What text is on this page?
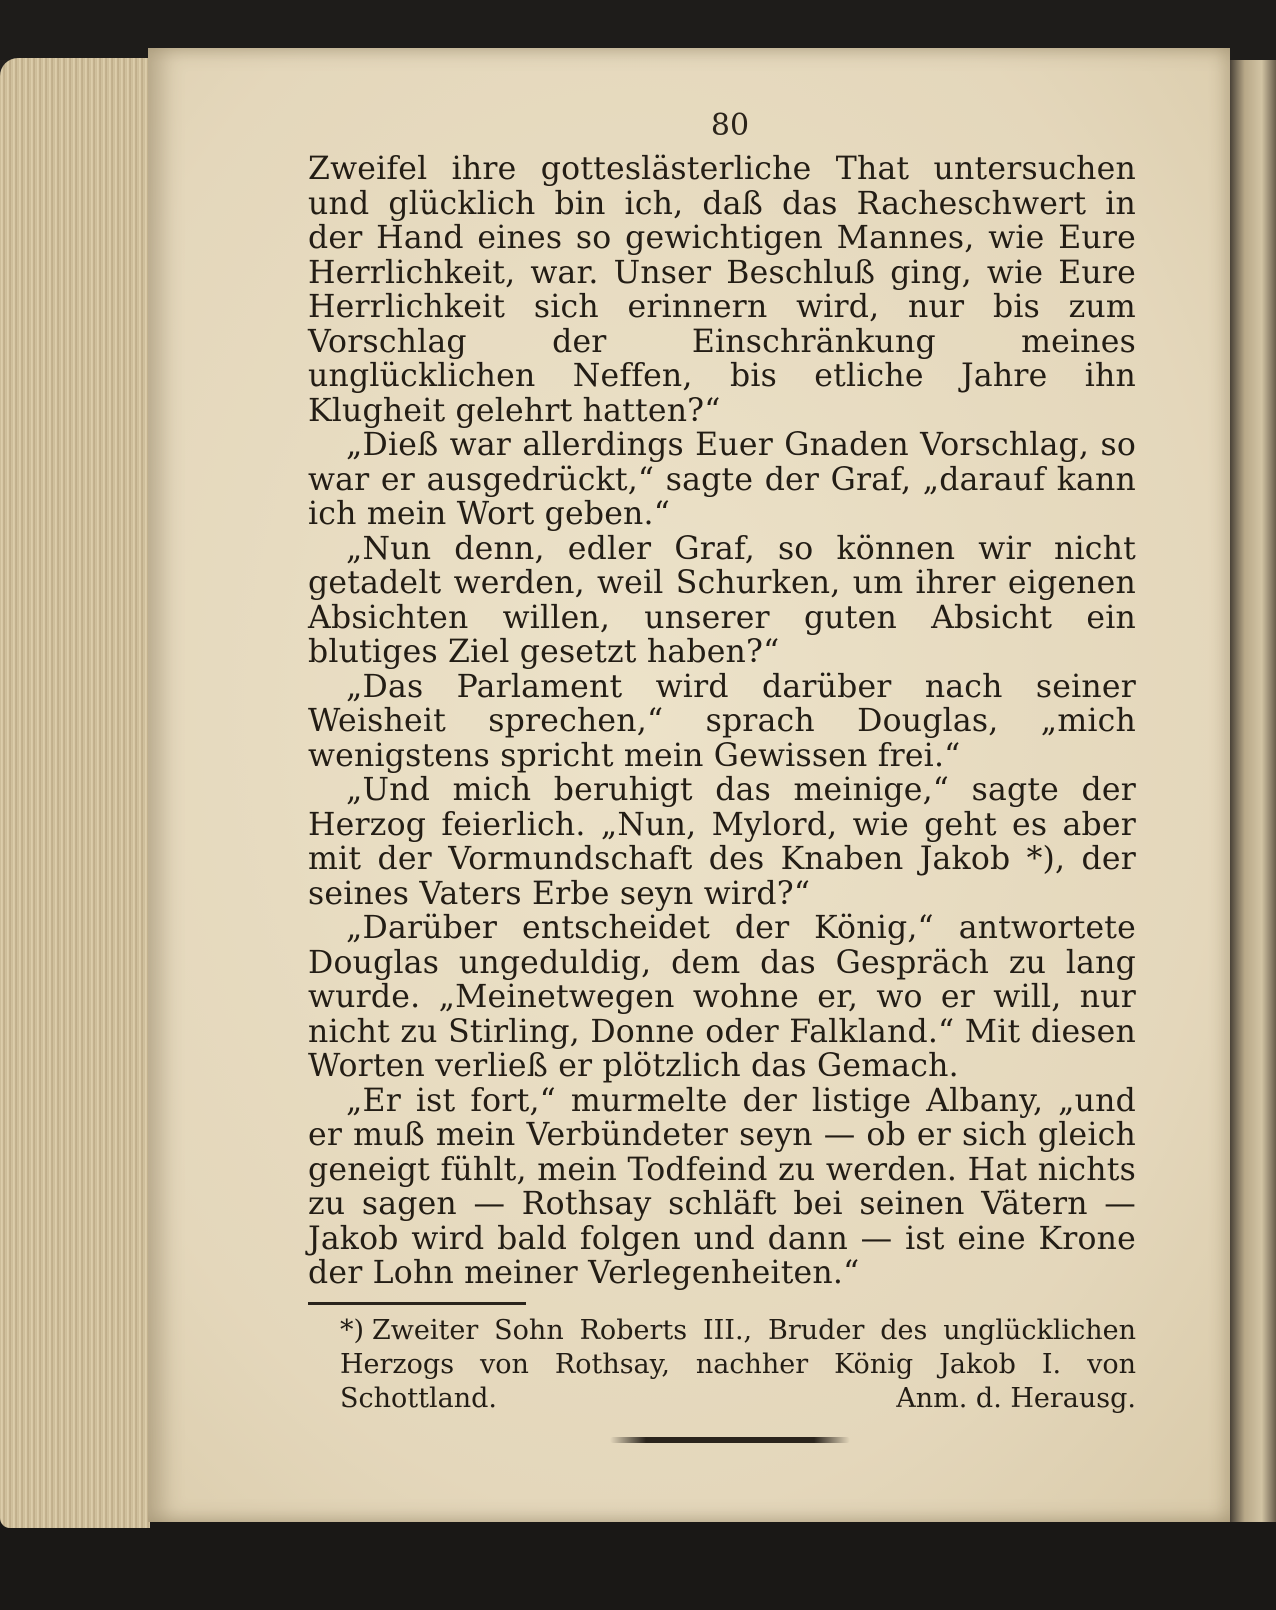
80

Zweifel ihre gotteslästerliche That untersuchen und glücklich bin ich, daß das Racheschwert in der Hand eines so gewichtigen Mannes, wie Eure Herrlichkeit, war. Unser Beschluß ging, wie Eure Herrlichkeit sich erinnern wird, nur bis zum Vorschlag der Einschränkung meines unglücklichen Neffen, bis etliche Jahre ihn Klugheit gelehrt hatten?“

„Dieß war allerdings Euer Gnaden Vorschlag, so war er ausgedrückt,“ sagte der Graf, „darauf kann ich mein Wort geben.“

„Nun denn, edler Graf, so können wir nicht getadelt werden, weil Schurken, um ihrer eigenen Absichten willen, unserer guten Absicht ein blutiges Ziel gesetzt haben?“

„Das Parlament wird darüber nach seiner Weisheit sprechen,“ sprach Douglas, „mich wenigstens spricht mein Gewissen frei.“

„Und mich beruhigt das meinige,“ sagte der Herzog feierlich. „Nun, Mylord, wie geht es aber mit der Vormundschaft des Knaben Jakob *), der seines Vaters Erbe seyn wird?“

„Darüber entscheidet der König,“ antwortete Douglas ungeduldig, dem das Gespräch zu lang wurde. „Meinetwegen wohne er, wo er will, nur nicht zu Stirling, Donne oder Falkland.“ Mit diesen Worten verließ er plötzlich das Gemach.

„Er ist fort,“ murmelte der listige Albany, „und er muß mein Verbündeter seyn — ob er sich gleich geneigt fühlt, mein Todfeind zu werden. Hat nichts zu sagen — Rothsay schläft bei seinen Vätern — Jakob wird bald folgen und dann — ist eine Krone der Lohn meiner Verlegenheiten.“

*) Zweiter Sohn Roberts III., Bruder des unglücklichen Herzogs von Rothsay, nachher König Jakob I. von Schottland.	Anm. d. Herausg.
